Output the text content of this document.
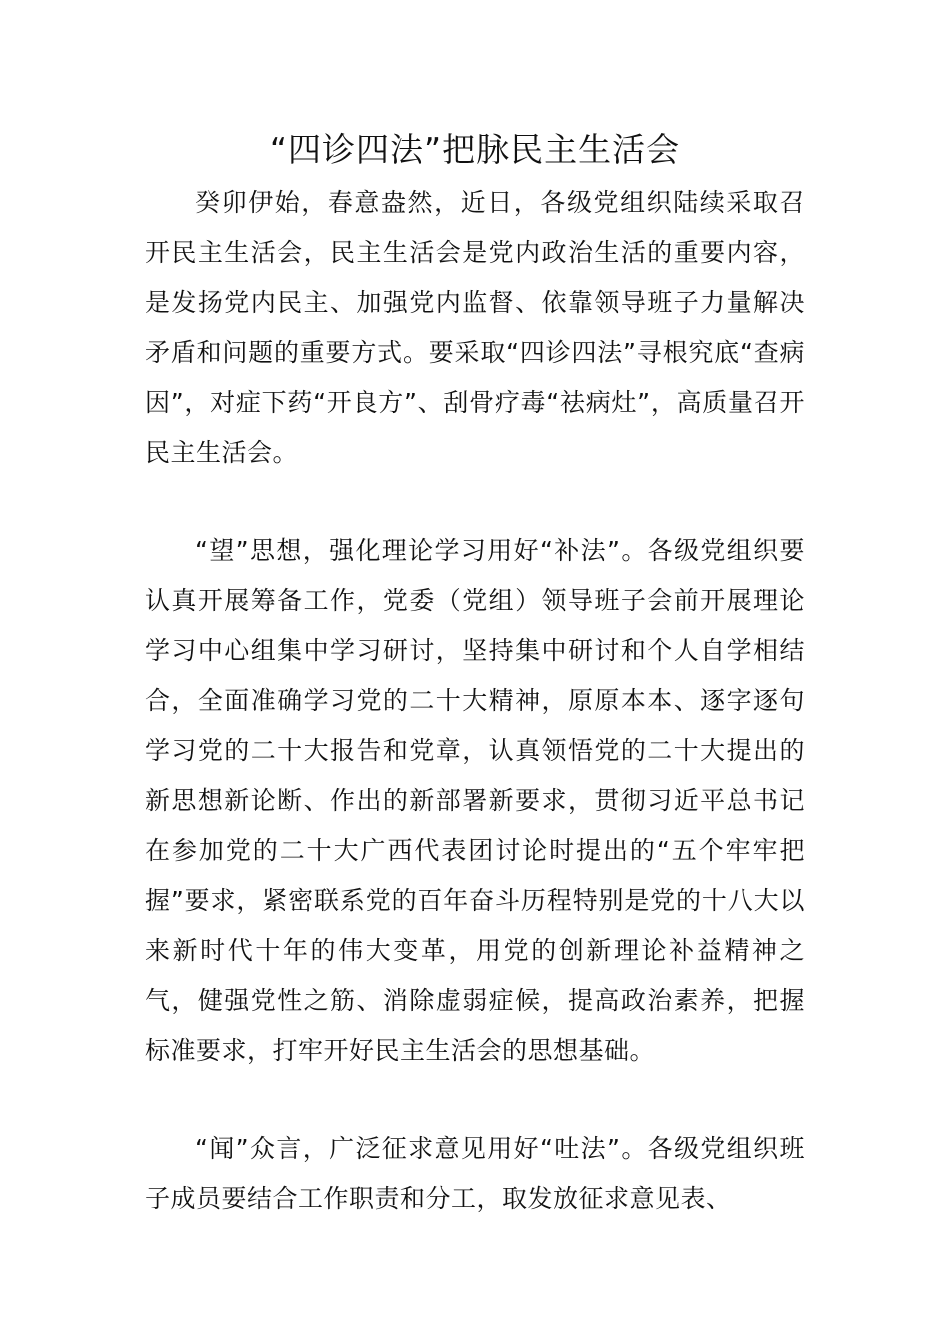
“四诊四法”把脉民主生活会

癸卯伊始，春意盎然，近日，各级党组织陆续采取召开民主生活会，民主生活会是党内政治生活的重要内容，是发扬党内民主、加强党内监督、依靠领导班子力量解决矛盾和问题的重要方式。要采取“四诊四法”寻根究底“查病因”，对症下药“开良方”、刮骨疗毒“祛病灶”，高质量召开民主生活会。

“望”思想，强化理论学习用好“补法”。各级党组织要认真开展筹备工作，党委（党组）领导班子会前开展理论学习中心组集中学习研讨，坚持集中研讨和个人自学相结合，全面准确学习党的二十大精神，原原本本、逐字逐句学习党的二十大报告和党章，认真领悟党的二十大提出的新思想新论断、作出的新部署新要求，贯彻习近平总书记在参加党的二十大广西代表团讨论时提出的“五个牢牢把握”要求，紧密联系党的百年奋斗历程特别是党的十八大以来新时代十年的伟大变革，用党的创新理论补益精神之气，健强党性之筋、消除虚弱症候，提高政治素养，把握标准要求，打牢开好民主生活会的思想基础。

“闻”众言，广泛征求意见用好“吐法”。各级党组织班子成员要结合工作职责和分工，取发放征求意见表、
